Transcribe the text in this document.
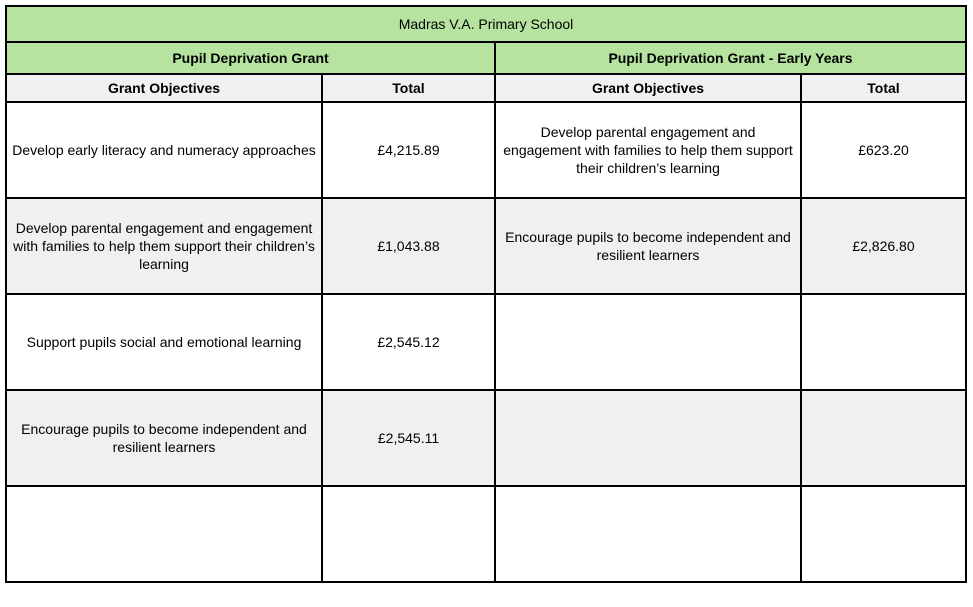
Madras V.A. Primary School			
Pupil Deprivation Grant		Pupil Deprivation Grant - Early Years	
Grant Objectives	Total	Grant Objectives	Total
Develop early literacy and numeracy approaches	£4,215.89	Develop parental engagement and engagement with families to help them support their children’s learning	£623.20
Develop parental engagement and engagement with families to help them support their children’s learning	£1,043.88	Encourage pupils to become independent and resilient learners	£2,826.80
Support pupils social and emotional learning	£2,545.12		
Encourage pupils to become independent and resilient learners	£2,545.11		
